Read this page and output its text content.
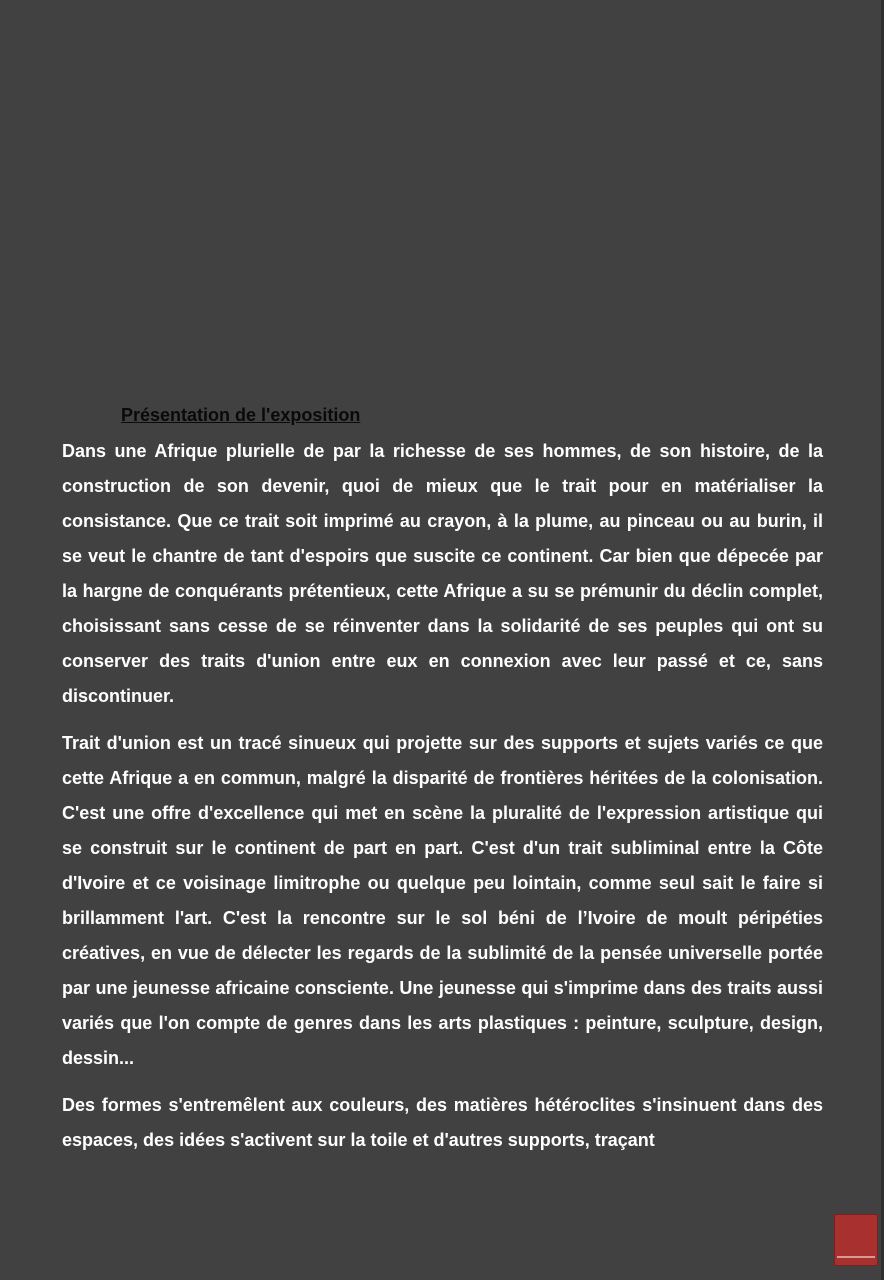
Présentation de l'exposition

Dans une Afrique plurielle de par la richesse de ses hommes, de son histoire, de la construction de son devenir, quoi de mieux que le trait pour en matérialiser la consistance. Que ce trait soit imprimé au crayon, à la plume, au pinceau ou au burin, il se veut le chantre de tant d'espoirs que suscite ce continent. Car bien que dépecée par la hargne de conquérants prétentieux, cette Afrique a su se prémunir du déclin complet, choisissant sans cesse de se réinventer dans la solidarité de ses peuples qui ont su conserver des traits d'union entre eux en connexion avec leur passé et ce, sans discontinuer.

Trait d'union est un tracé sinueux qui projette sur des supports et sujets variés ce que cette Afrique a en commun, malgré la disparité de frontières héritées de la colonisation. C'est une offre d'excellence qui met en scène la pluralité de l'expression artistique qui se construit sur le continent de part en part. C'est d'un trait subliminal entre la Côte d'Ivoire et ce voisinage limitrophe ou quelque peu lointain, comme seul sait le faire si brillamment l'art. C'est la rencontre sur le sol béni de l’Ivoire de moult péripéties créatives, en vue de délecter les regards de la sublimité de la pensée universelle portée par une jeunesse africaine consciente. Une jeunesse qui s'imprime dans des traits aussi variés que l'on compte de genres dans les arts plastiques : peinture, sculpture, design, dessin...

Des formes s'entremêlent aux couleurs, des matières hétéroclites s'insinuent dans des espaces, des idées s'activent sur la toile et d'autres supports, traçant
